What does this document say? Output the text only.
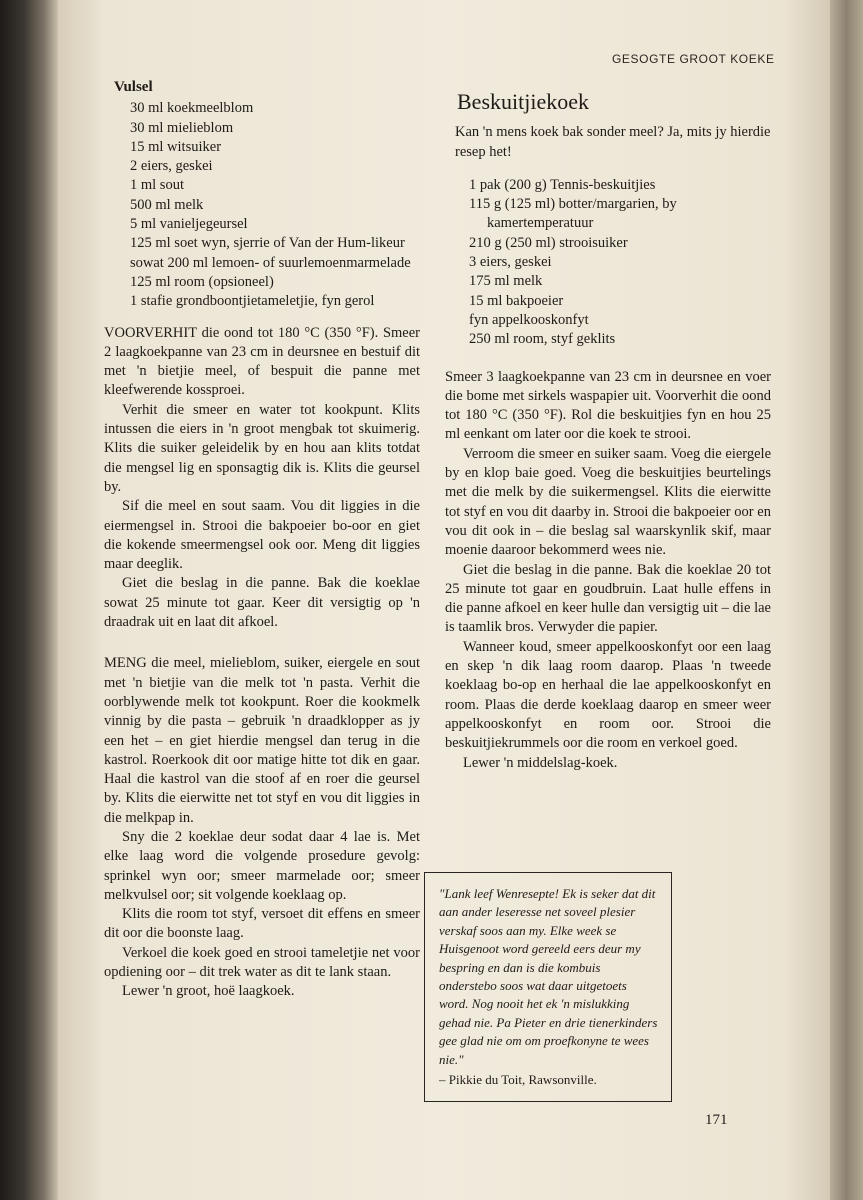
GESOGTE GROOT KOEKE
Vulsel
30 ml koekmeelblom
30 ml mielieblom
15 ml witsuiker
2 eiers, geskei
1 ml sout
500 ml melk
5 ml vanieljegeursel
125 ml soet wyn, sjerrie of Van der Hum-likeur
sowat 200 ml lemoen- of suurlemoenmarmelade
125 ml room (opsioneel)
1 stafie grondboontjietameletjie, fyn gerol

VOORVERHIT die oond tot 180 °C (350 °F). Smeer 2 laagkoekpanne van 23 cm in deursnee en bestuif dit met 'n bietjie meel, of bespuit die panne met kleefwerende kossproei.

Verhit die smeer en water tot kookpunt. Klits intussen die eiers in 'n groot mengbak tot skuimerig. Klits die suiker geleidelik by en hou aan klits totdat die mengsel lig en sponsagtig dik is. Klits die geursel by.

Sif die meel en sout saam. Vou dit liggies in die eiermengsel in. Strooi die bakpoeier bo-oor en giet die kokende smeermengsel ook oor. Meng dit liggies maar deeglik.

Giet die beslag in die panne. Bak die koeklae sowat 25 minute tot gaar. Keer dit versigtig op 'n draadrak uit en laat dit afkoel.

MENG die meel, mielieblom, suiker, eiergele en sout met 'n bietjie van die melk tot 'n pasta. Verhit die oorblywende melk tot kookpunt. Roer die kookmelk vinnig by die pasta – gebruik 'n draadklopper as jy een het – en giet hierdie mengsel dan terug in die kastrol. Roerkook dit oor matige hitte tot dik en gaar. Haal die kastrol van die stoof af en roer die geursel by. Klits die eierwitte net tot styf en vou dit liggies in die melkpap in.

Sny die 2 koeklae deur sodat daar 4 lae is. Met elke laag word die volgende prosedure gevolg: sprinkel wyn oor; smeer marmelade oor; smeer melkvulsel oor; sit volgende koeklaag op.

Klits die room tot styf, versoet dit effens en smeer dit oor die boonste laag.

Verkoel die koek goed en strooi tameletjie net voor opdiening oor – dit trek water as dit te lank staan.

Lewer 'n groot, hoë laagkoek.

Beskuitjiekoek

Kan 'n mens koek bak sonder meel? Ja, mits jy hierdie resep het!

1 pak (200 g) Tennis-beskuitjies
115 g (125 ml) botter/margarien, by kamertemperatuur
210 g (250 ml) strooisuiker
3 eiers, geskei
175 ml melk
15 ml bakpoeier
fyn appelkooskonfyt
250 ml room, styf geklits

Smeer 3 laagkoekpanne van 23 cm in deursnee en voer die bome met sirkels waspapier uit. Voorverhit die oond tot 180 °C (350 °F). Rol die beskuitjies fyn en hou 25 ml eenkant om later oor die koek te strooi.

Verroom die smeer en suiker saam. Voeg die eiergele by en klop baie goed. Voeg die beskuitjies beurtelings met die melk by die suikermengsel. Klits die eierwitte tot styf en vou dit daarby in. Strooi die bakpoeier oor en vou dit ook in – die beslag sal waarskynlik skif, maar moenie daaroor bekommerd wees nie.

Giet die beslag in die panne. Bak die koeklae 20 tot 25 minute tot gaar en goudbruin. Laat hulle effens in die panne afkoel en keer hulle dan versigtig uit – die lae is taamlik bros. Verwyder die papier.

Wanneer koud, smeer appelkooskonfyt oor een laag en skep 'n dik laag room daarop. Plaas 'n tweede koeklaag bo-op en herhaal die lae appelkooskonfyt en room. Plaas die derde koeklaag daarop en smeer weer appelkooskonfyt en room oor. Strooi die beskuitjiekrummels oor die room en verkoel goed.

Lewer 'n middelslag-koek.

"Lank leef Wenresepte! Ek is seker dat dit aan ander leseresse net soveel plesier verskaf soos aan my. Elke week se Huisgenoot word gereeld eers deur my bespring en dan is die kombuis onderstebo soos wat daar uitgetoets word. Nog nooit het ek 'n mislukking gehad nie. Pa Pieter en drie tienerkinders gee glad nie om om proefkonyne te wees nie."

– Pikkie du Toit, Rawsonville.

171
